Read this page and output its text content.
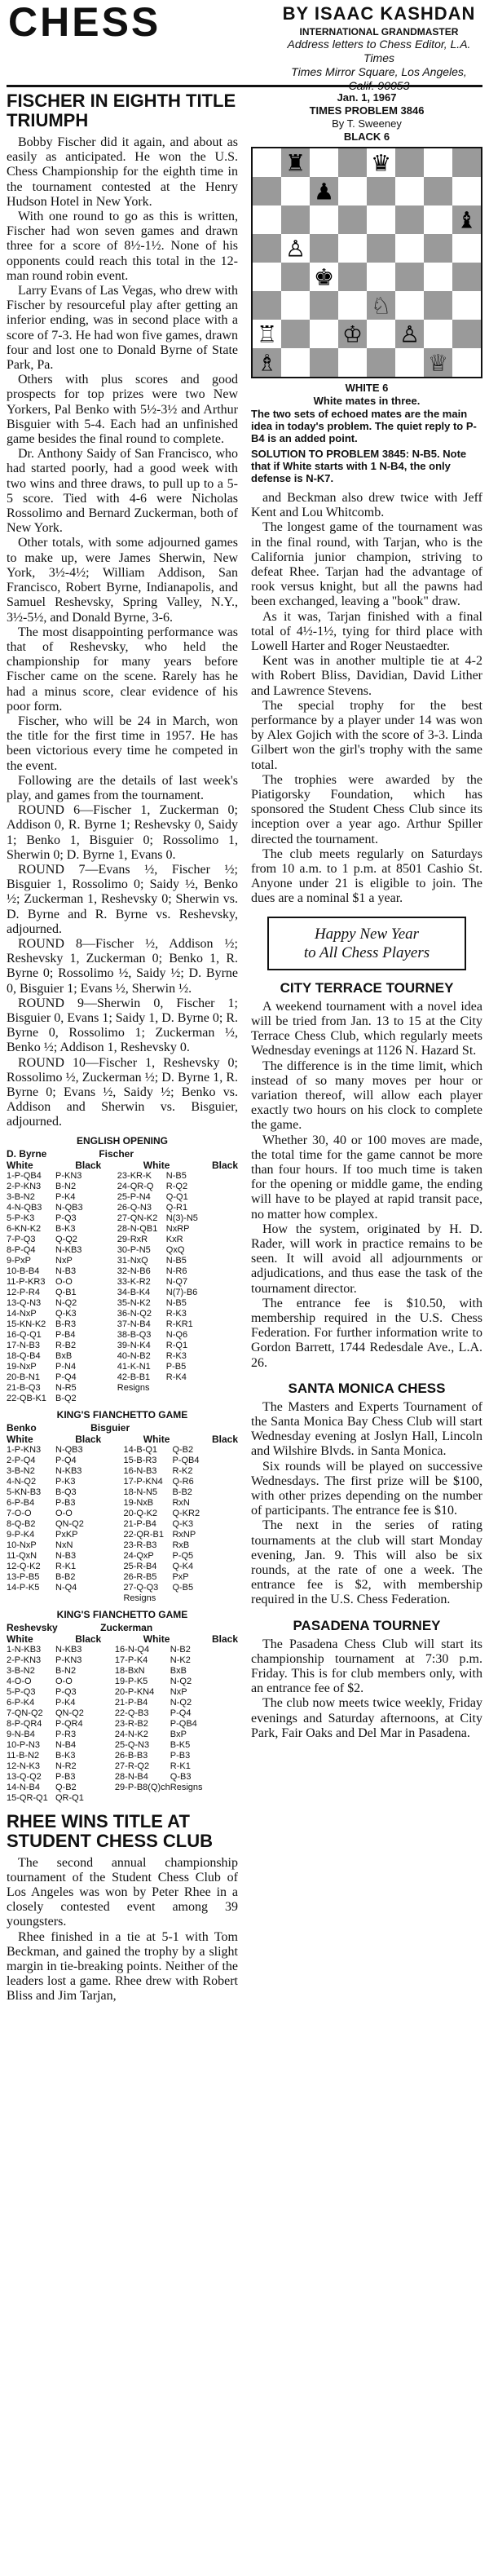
CHESS	BY ISAAC KASHDAN
INTERNATIONAL GRANDMASTER
Address letters to Chess Editor, L.A. Times
Times Mirror Square, Los Angeles,
Calif. 90053
FISCHER IN EIGHTH TITLE TRIUMPH

Bobby Fischer did it again, and about as easily as anticipated. He won the U.S. Chess Championship for the eighth time in the tournament contested at the Henry Hudson Hotel in New York.

With one round to go as this is written, Fischer had won seven games and drawn three for a score of 8½-1½. None of his opponents could reach this total in the 12-man round robin event.

Larry Evans of Las Vegas, who drew with Fischer by resourceful play after getting an inferior ending, was in second place with a score of 7-3. He had won five games, drawn four and lost one to Donald Byrne of State Park, Pa.

Others with plus scores and good prospects for top prizes were two New Yorkers, Pal Benko with 5½-3½ and Arthur Bisguier with 5-4. Each had an unfinished game besides the final round to complete.

Dr. Anthony Saidy of San Francisco, who had started poorly, had a good week with two wins and three draws, to pull up to a 5-5 score. Tied with 4-6 were Nicholas Rossolimo and Bernard Zuckerman, both of New York.

Other totals, with some adjourned games to make up, were James Sherwin, New York, 3½-4½; William Addison, San Francisco, Robert Byrne, Indianapolis, and Samuel Reshevsky, Spring Valley, N.Y., 3½-5½, and Donald Byrne, 3-6.

The most disappointing performance was that of Reshevsky, who held the championship for many years before Fischer came on the scene. Rarely has he had a minus score, clear evidence of his poor form.

Fischer, who will be 24 in March, won the title for the first time in 1957. He has been victorious every time he competed in the event.

Following are the details of last week's play, and games from the tournament.

ROUND 6—Fischer 1, Zuckerman 0; Addison 0, R. Byrne 1; Reshevsky 0, Saidy 1; Benko 1, Bisguier 0; Rossolimo 1, Sherwin 0; D. Byrne 1, Evans 0.

ROUND 7—Evans ½, Fischer ½; Bisguier 1, Rossolimo 0; Saidy ½, Benko ½; Zuckerman 1, Reshevsky 0; Sherwin vs. D. Byrne and R. Byrne vs. Reshevsky, adjourned.

ROUND 8—Fischer ½, Addison ½; Reshevsky 1, Zuckerman 0; Benko 1, R. Byrne 0; Rossolimo ½, Saidy ½; D. Byrne 0, Bisguier 1; Evans ½, Sherwin ½.

ROUND 9—Sherwin 0, Fischer 1; Bisguier 0, Evans 1; Saidy 1, D. Byrne 0; R. Byrne 0, Rossolimo 1; Zuckerman ½, Benko ½; Addison 1, Reshevsky 0.

ROUND 10—Fischer 1, Reshevsky 0; Rossolimo ½, Zuckerman ½; D. Byrne 1, R. Byrne 0; Evans ½, Saidy ½; Benko vs. Addison and Sherwin vs. Bisguier, adjourned.

ENGLISH OPENING
D. Byrne	Fischer
White	Black	White	Black
1-P-QB4	P-KN3	23-KR-K	N-B5
2-P-KN3	B-N2	24-QR-Q	R-Q2
3-B-N2	P-K4	25-P-N4	Q-Q1
4-N-QB3	N-QB3	26-Q-N3	Q-R1
5-P-K3	P-Q3	27-QN-K2	N(3)-N5
6-KN-K2	B-K3	28-N-QB1	NxRP
7-P-Q3	Q-Q2	29-RxR	KxR
8-P-Q4	N-KB3	30-P-N5	QxQ
9-PxP	NxP	31-NxQ	N-B5
10-B-B4	N-B3	32-N-B6	N-R6
11-P-KR3	O-O	33-K-R2	N-Q7
12-P-R4	Q-B1	34-B-K4	N(7)-B6
13-Q-N3	N-Q2	35-N-K2	N-B5
14-NxP	Q-K3	36-N-Q2	R-K3
15-KN-K2	B-R3	37-N-B4	R-KR1
16-Q-Q1	P-B4	38-B-Q3	N-Q6
17-N-B3	R-B2	39-N-K4	R-Q1
18-Q-B4	BxB	40-N-B2	R-K3
19-NxP	P-N4	41-K-N1	P-B5
20-B-N1	P-Q4	42-B-B1	R-K4
21-B-Q3	N-R5	Resigns	
22-QB-K1	B-Q2		
KING'S FIANCHETTO GAME
Benko	Bisguier
White	Black	White	Black
1-P-KN3	N-QB3	14-B-Q1	Q-B2
2-P-Q4	P-Q4	15-B-R3	P-QB4
3-B-N2	N-KB3	16-N-B3	R-K2
4-N-Q2	P-K3	17-P-KN4	Q-R6
5-KN-B3	B-Q3	18-N-N5	B-B2
6-P-B4	P-B3	19-NxB	RxN
7-O-O	O-O	20-Q-K2	Q-KR2
8-Q-B2	QN-Q2	21-P-B4	Q-K3
9-P-K4	PxKP	22-QR-B1	RxNP
10-NxP	NxN	23-R-B3	RxB
11-QxN	N-B3	24-QxP	P-Q5
12-Q-K2	R-K1	25-R-B4	Q-K4
13-P-B5	B-B2	26-R-B5	PxP
14-P-K5	N-Q4	27-Q-Q3	Q-B5
		Resigns	
KING'S FIANCHETTO GAME
Reshevsky	Zuckerman
White	Black	White	Black
1-N-KB3	N-KB3	16-N-Q4	N-B2
2-P-KN3	P-KN3	17-P-K4	N-K2
3-B-N2	B-N2	18-BxN	BxB
4-O-O	O-O	19-P-K5	N-Q2
5-P-Q3	P-Q3	20-P-KN4	NxP
6-P-K4	P-K4	21-P-B4	N-Q2
7-QN-Q2	QN-Q2	22-Q-B3	P-Q4
8-P-QR4	P-QR4	23-R-B2	P-QB4
9-N-B4	P-R3	24-N-K2	BxP
10-P-N3	N-B4	25-Q-N3	B-K5
11-B-N2	B-K3	26-B-B3	P-B3
12-N-K3	N-R2	27-R-Q2	R-K1
13-Q-Q2	P-B3	28-N-B4	Q-B3
14-N-B4	Q-B2	29-P-B8(Q)ch	Resigns
15-QR-Q1	QR-Q1		
RHEE WINS TITLE AT STUDENT CHESS CLUB

The second annual championship tournament of the Student Chess Club of Los Angeles was won by Peter Rhee in a closely contested event among 39 youngsters.

Rhee finished in a tie at 5-1 with Tom Beckman, and gained the trophy by a slight margin in tie-breaking points. Neither of the leaders lost a game. Rhee drew with Robert Bliss and Jim Tarjan,

Jan. 1, 1967
TIMES PROBLEM 3846
By T. Sweeney
BLACK 6
♜	♛
♟
♝
♙
♚
♘
♖	♔ ♙
♗	♕
WHITE 6
White mates in three.
The two sets of echoed mates are the main idea in today's problem. The quiet reply to P-B4 is an added point.
SOLUTION TO PROBLEM 3845: N-B5. Note that if White starts with 1 N-B4, the only defense is N-K7.

and Beckman also drew twice with Jeff Kent and Lou Whitcomb.

The longest game of the tournament was in the final round, with Tarjan, who is the California junior champion, striving to defeat Rhee. Tarjan had the advantage of rook versus knight, but all the pawns had been exchanged, leaving a "book" draw.

As it was, Tarjan finished with a final total of 4½-1½, tying for third place with Lowell Harter and Roger Neustaedter.

Kent was in another multiple tie at 4-2 with Robert Bliss, Davidian, David Lither and Lawrence Stevens.

The special trophy for the best performance by a player under 14 was won by Alex Gojich with the score of 3-3. Linda Gilbert won the girl's trophy with the same total.

The trophies were awarded by the Piatigorsky Foundation, which has sponsored the Student Chess Club since its inception over a year ago. Arthur Spiller directed the tournament.

The club meets regularly on Saturdays from 10 a.m. to 1 p.m. at 8501 Cashio St. Anyone under 21 is eligible to join. The dues are a nominal $1 a year.

Happy New Year
to All Chess Players
CITY TERRACE TOURNEY

A weekend tournament with a novel idea will be tried from Jan. 13 to 15 at the City Terrace Chess Club, which regularly meets Wednesday evenings at 1126 N. Hazard St.

The difference is in the time limit, which instead of so many moves per hour or variation thereof, will allow each player exactly two hours on his clock to complete the game.

Whether 30, 40 or 100 moves are made, the total time for the game cannot be more than four hours. If too much time is taken for the opening or middle game, the ending will have to be played at rapid transit pace, no matter how complex.

How the system, originated by H. D. Rader, will work in practice remains to be seen. It will avoid all adjournments or adjudications, and thus ease the task of the tournament director.

The entrance fee is $10.50, with membership required in the U.S. Chess Federation. For further information write to Gordon Barrett, 1744 Redesdale Ave., L.A. 26.

SANTA MONICA CHESS

The Masters and Experts Tournament of the Santa Monica Bay Chess Club will start Wednesday evening at Joslyn Hall, Lincoln and Wilshire Blvds. in Santa Monica.

Six rounds will be played on successive Wednesdays. The first prize will be $100, with other prizes depending on the number of participants. The entrance fee is $10.

The next in the series of rating tournaments at the club will start Monday evening, Jan. 9. This will also be six rounds, at the rate of one a week. The entrance fee is $2, with membership required in the U.S. Chess Federation.

PASADENA TOURNEY

The Pasadena Chess Club will start its championship tournament at 7:30 p.m. Friday. This is for club members only, with an entrance fee of $2.

The club now meets twice weekly, Friday evenings and Saturday afternoons, at City Park, Fair Oaks and Del Mar in Pasadena.
